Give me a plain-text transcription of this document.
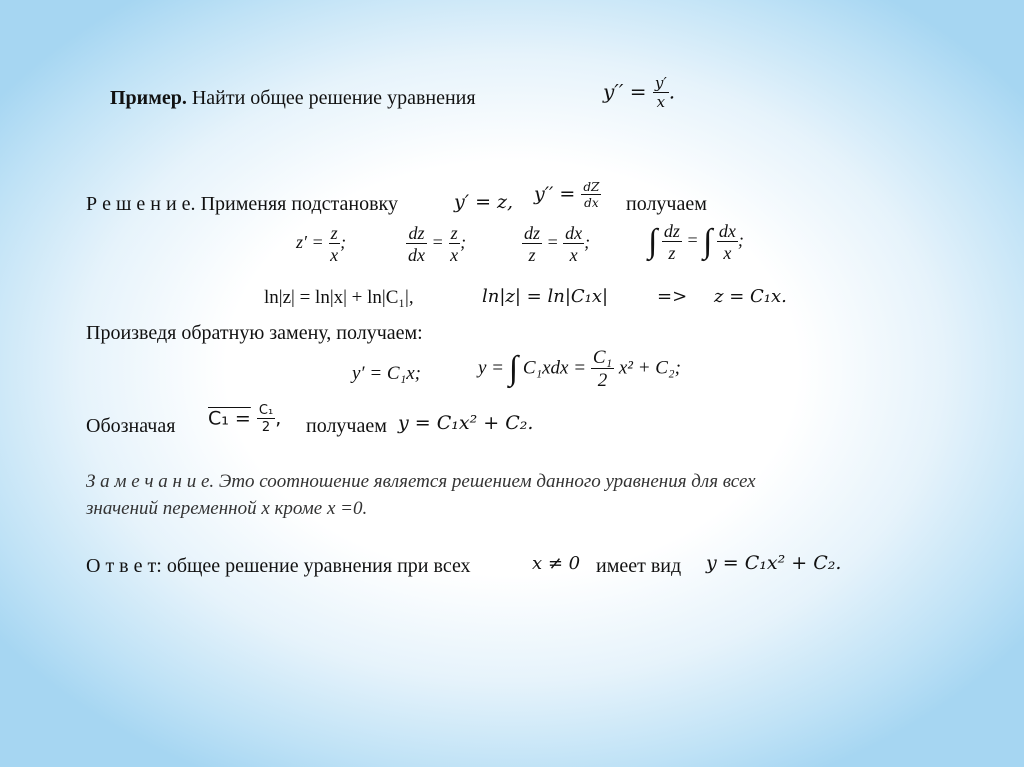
Пример. Найти общее решение уравнения	$y'' = \frac{y'}{x}$ .
Р е ш е н и е. Применяя подстановку	y′ = z, $y'' = \frac{dZ}{dx}$ получаем
$z' = \frac{z}{x}$ ;	$\frac{dz}{dx} = \frac{z}{x}$ ;	$\frac{dz}{z} = \frac{dx}{x}$ ; ∫ $\frac{dz}{z}$ = ∫ $\frac{dx}{x}$ ;
ln|z| = ln|x| + ln|C₁|,	ln|z| = ln|C₁x|	=> z = C₁x.
Произведя обратную замену, получаем:
y′ = C₁x;	y = ∫ $C_1xdx = \frac{\text{C₁}}{2} x^2 + C_2$;
Обозначая $C_1 = \frac{\text{C₁}}{2}$ , получаем y = C₁x² + C₂.
З а м е ч а н и е. Это соотношение является решением данного уравнения для всех
значений переменной х кроме х =0.
О т в е т: общее решение уравнения при всех	x ≠ 0 имеет вид y = C₁x² + C₂.
